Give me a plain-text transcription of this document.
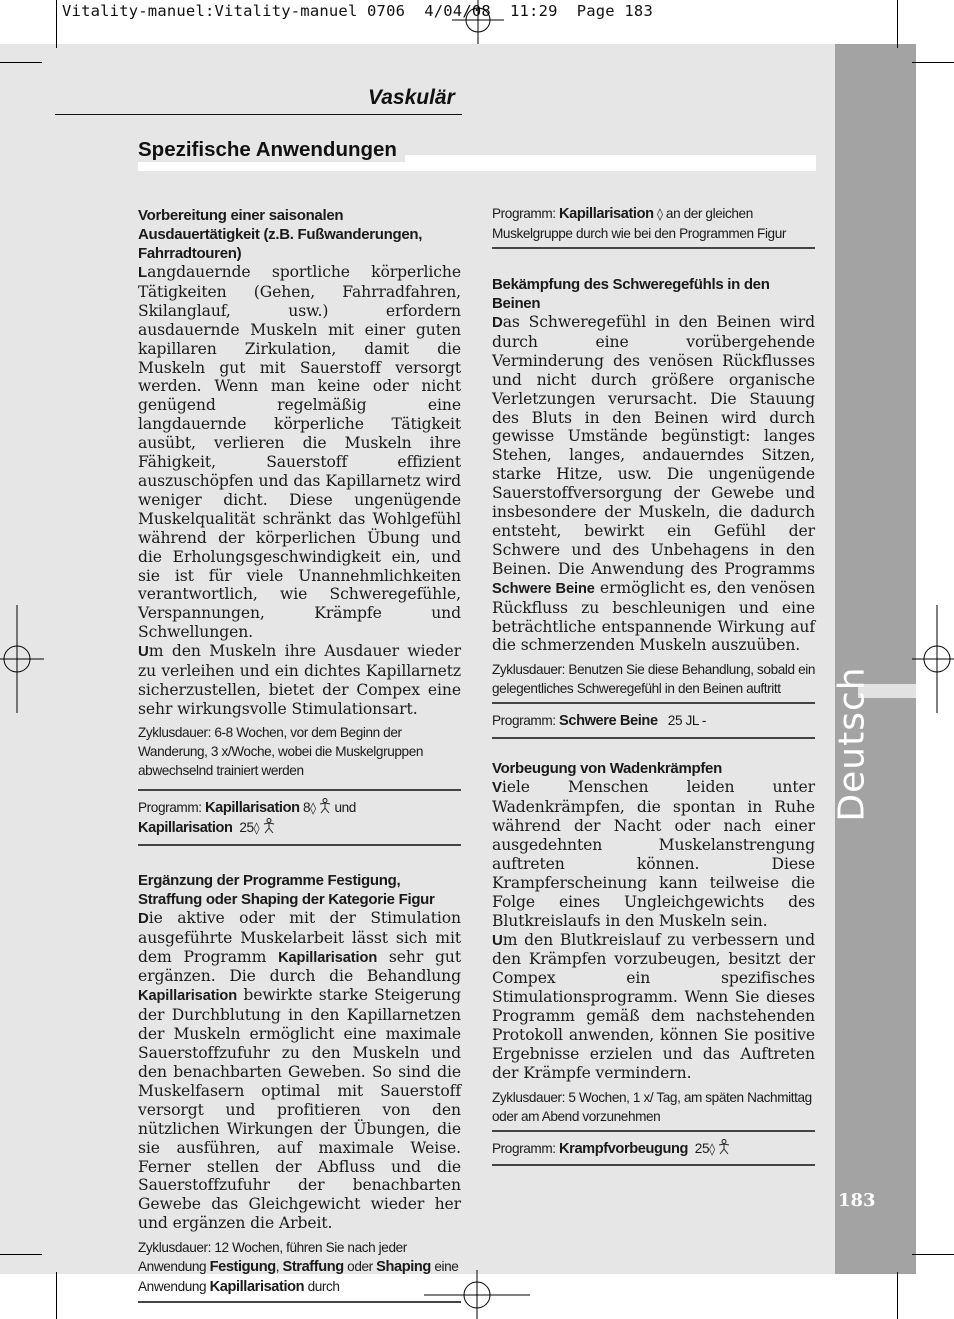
Vitality-manuel:Vitality-manuel 0706  4/04/08  11:29  Page 183
Deutsch
183
Vaskulär
Spezifische Anwendungen

Vorbereitung einer saisonalen Ausdauertätigkeit (z.B. Fußwanderungen, Fahrradtouren)

Langdauernde sportliche körperliche Tätigkeiten (Gehen, Fahrradfahren, Skilanglauf, usw.) erfordern ausdauernde Muskeln mit einer guten kapillaren Zirkulation, damit die Muskeln gut mit Sauerstoff versorgt werden. Wenn man keine oder nicht genügend regelmäßig eine langdauernde körperliche Tätigkeit ausübt, verlieren die Muskeln ihre Fähigkeit, Sauerstoff effizient auszuschöpfen und das Kapillarnetz wird weniger dicht. Diese ungenügende Muskelqualität schränkt das Wohlgefühl während der körperlichen Übung und die Erholungsgeschwindigkeit ein, und sie ist für viele Unannehmlichkeiten verantwortlich, wie Schweregefühle, Verspannungen, Krämpfe und Schwellungen.

Um den Muskeln ihre Ausdauer wieder zu verleihen und ein dichtes Kapillarnetz sicherzustellen, bietet der Compex eine sehr wirkungsvolle Stimulationsart.

Zyklusdauer: 6-8 Wochen, vor dem Beginn der Wanderung, 3 x/Woche, wobei die Muskelgruppen abwechselnd trainiert werden

Programm: Kapillarisation 8◊ und
Kapillarisation 25◊

Ergänzung der Programme Festigung, Straffung oder Shaping der Kategorie Figur

Die aktive oder mit der Stimulation ausgeführte Muskelarbeit lässt sich mit dem Programm Kapillarisation sehr gut ergänzen. Die durch die Behandlung Kapillarisation bewirkte starke Steigerung der Durchblutung in den Kapillarnetzen der Muskeln ermöglicht eine maximale Sauerstoffzufuhr zu den Muskeln und den benachbarten Geweben. So sind die Muskelfasern optimal mit Sauerstoff versorgt und profitieren von den nützlichen Wirkungen der Übungen, die sie ausführen, auf maximale Weise. Ferner stellen der Abfluss und die Sauerstoffzufuhr der benachbarten Gewebe das Gleichgewicht wieder her und ergänzen die Arbeit.

Zyklusdauer: 12 Wochen, führen Sie nach jeder Anwendung Festigung, Straffung oder Shaping eine Anwendung Kapillarisation durch

Programm: Kapillarisation ◊ an der gleichen Muskelgruppe durch wie bei den Programmen Figur

Bekämpfung des Schweregefühls in den Beinen

Das Schweregefühl in den Beinen wird durch eine vorübergehende Verminderung des venösen Rückflusses und nicht durch größere organische Verletzungen verursacht. Die Stauung des Bluts in den Beinen wird durch gewisse Umstände begünstigt: langes Stehen, langes, andauerndes Sitzen, starke Hitze, usw. Die ungenügende Sauerstoffversorgung der Gewebe und insbesondere der Muskeln, die dadurch entsteht, bewirkt ein Gefühl der Schwere und des Unbehagens in den Beinen. Die Anwendung des Programms Schwere Beine ermöglicht es, den venösen Rückfluss zu beschleunigen und eine beträchtliche entspannende Wirkung auf die schmerzenden Muskeln auszuüben.

Zyklusdauer: Benutzen Sie diese Behandlung, sobald ein gelegentliches Schweregefühl in den Beinen auftritt

Programm: Schwere Beine 25 JL -

Vorbeugung von Wadenkrämpfen

Viele Menschen leiden unter Wadenkrämpfen, die spontan in Ruhe während der Nacht oder nach einer ausgedehnten Muskelanstrengung auftreten können. Diese Krampferscheinung kann teilweise die Folge eines Ungleichgewichts des Blutkreislaufs in den Muskeln sein.

Um den Blutkreislauf zu verbessern und den Krämpfen vorzubeugen, besitzt der Compex ein spezifisches Stimulationsprogramm. Wenn Sie dieses Programm gemäß dem nachstehenden Protokoll anwenden, können Sie positive Ergebnisse erzielen und das Auftreten der Krämpfe vermindern.

Zyklusdauer: 5 Wochen, 1 x/ Tag, am späten Nachmittag oder am Abend vorzunehmen

Programm: Krampfvorbeugung 25◊
